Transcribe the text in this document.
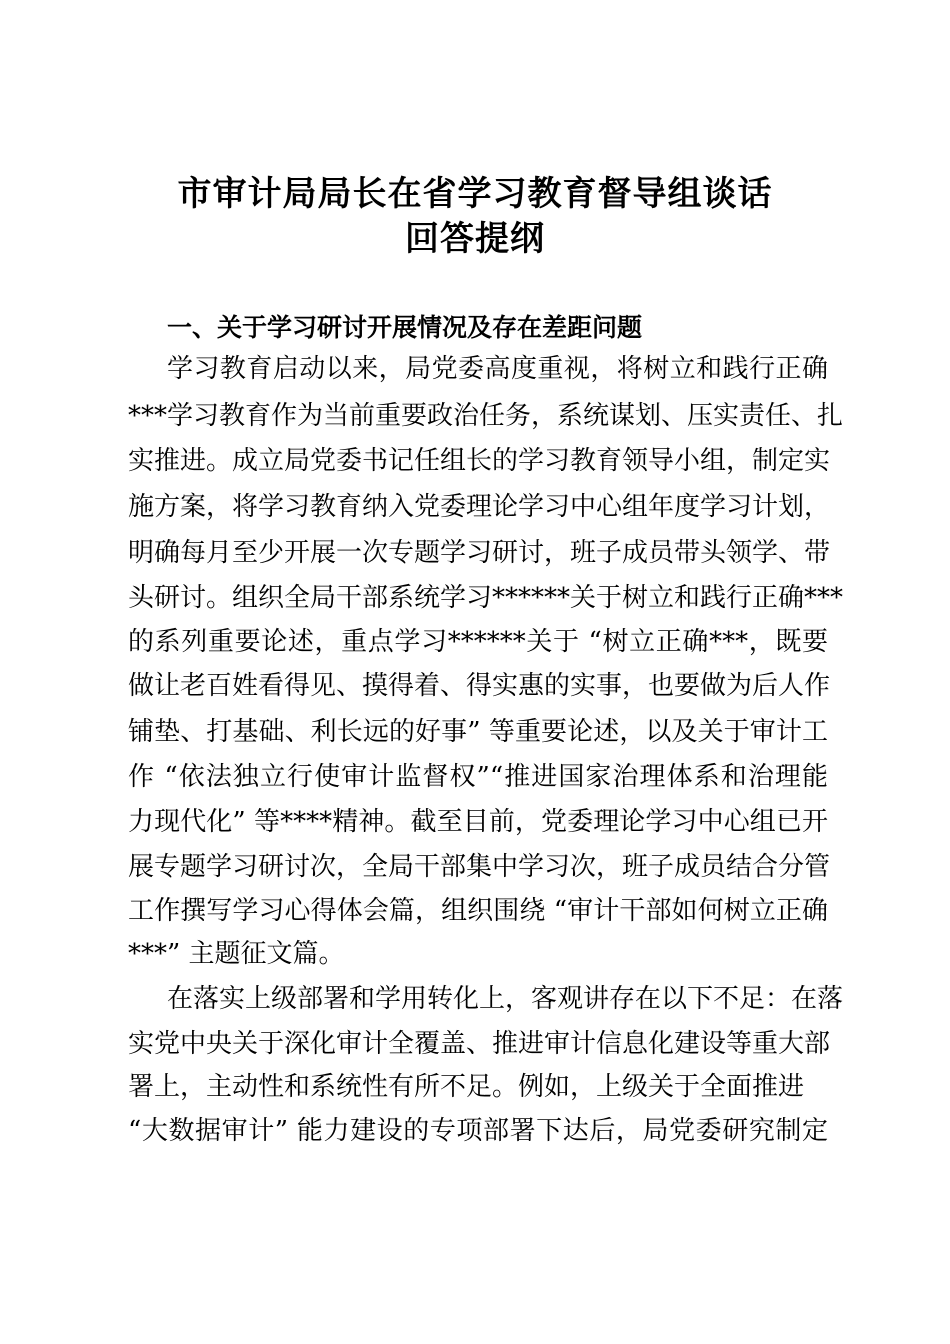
市审计局局长在省学习教育督导组谈话
回答提纲
一、关于学习研讨开展情况及存在差距问题
学习教育启动以来，局党委高度重视，将树立和践行正确
***学习教育作为当前重要政治任务，系统谋划、压实责任、扎
实推进。成立局党委书记任组长的学习教育领导小组，制定实
施方案，将学习教育纳入党委理论学习中心组年度学习计划，
明确每月至少开展一次专题学习研讨，班子成员带头领学、带
头研讨。组织全局干部系统学习******关于树立和践行正确***
的系列重要论述，重点学习******关于 “树立正确***，既要
做让老百姓看得见、摸得着、得实惠的实事，也要做为后人作
铺垫、打基础、利长远的好事” 等重要论述，以及关于审计工
作 “依法独立行使审计监督权”“推进国家治理体系和治理能
力现代化” 等****精神。截至目前，党委理论学习中心组已开
展专题学习研讨次，全局干部集中学习次，班子成员结合分管
工作撰写学习心得体会篇，组织围绕 “审计干部如何树立正确
***” 主题征文篇。
在落实上级部署和学用转化上，客观讲存在以下不足：在落
实党中央关于深化审计全覆盖、推进审计信息化建设等重大部
署上，主动性和系统性有所不足。例如，上级关于全面推进
“大数据审计” 能力建设的专项部署下达后，局党委研究制定
